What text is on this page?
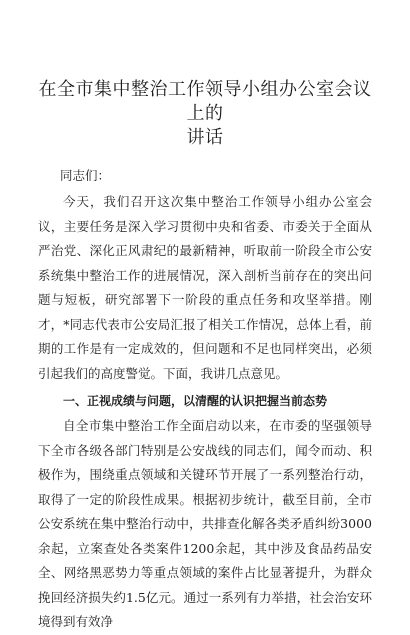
在全市集中整治工作领导小组办公室会议上的
讲话

同志们：

今天，我们召开这次集中整治工作领导小组办公室会议，主要任务是深入学习贯彻中央和省委、市委关于全面从严治党、深化正风肃纪的最新精神，听取前一阶段全市公安系统集中整治工作的进展情况，深入剖析当前存在的突出问题与短板，研究部署下一阶段的重点任务和攻坚举措。刚才，*同志代表市公安局汇报了相关工作情况，总体上看，前期的工作是有一定成效的，但问题和不足也同样突出，必须引起我们的高度警觉。下面，我讲几点意见。

一、正视成绩与问题，以清醒的认识把握当前态势

自全市集中整治工作全面启动以来，在市委的坚强领导下全市各级各部门特别是公安战线的同志们，闻令而动、积极作为，围绕重点领域和关键环节开展了一系列整治行动，取得了一定的阶段性成果。根据初步统计，截至目前，全市公安系统在集中整治行动中，共排查化解各类矛盾纠纷3000余起，立案查处各类案件1200余起，其中涉及食品药品安全、网络黑恶势力等重点领域的案件占比显著提升，为群众挽回经济损失约1.5亿元。通过一系列有力举措，社会治安环境得到有效净
